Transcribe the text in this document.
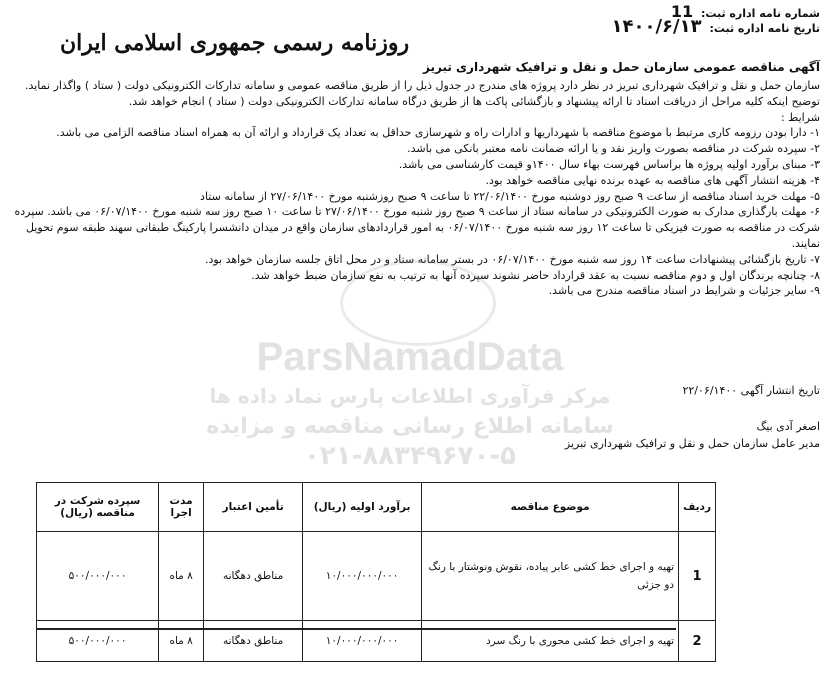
شماره نامه اداره ثبت: 11
تاریخ نامه اداره ثبت: ۱۴۰۰/۶/۱۳
روزنامه رسمی جمهوری اسلامی ایران
آگهی مناقصه عمومی سازمان حمل و نقل و ترافیک شهرداری تبریز

سازمان حمل و نقل و ترافیک شهرداری تبریز در نظر دارد پروژه های مندرج در جدول ذیل را از طریق مناقصه عمومی و سامانه تدارکات الکترونیکی دولت ( ستاد ) واگذار نماید. توضیح اینکه کلیه مراحل از دریافت اسناد تا ارائه پیشنهاد و بازگشائی پاکت ها از طریق درگاه سامانه تدارکات الکترونیکی دولت ( ستاد ) انجام خواهد شد.

شرایط :

۱- دارا بودن رزومه کاری مرتبط با موضوع مناقصه با شهرداریها و ادارات راه و شهرسازی حداقل به تعداد یک قرارداد و ارائه آن به همراه اسناد مناقصه الزامی می باشد.

۲- سپرده شرکت در مناقصه بصورت واریز نقد و یا ارائه ضمانت نامه معتبر بانکی می باشد.

۳- مبنای برآورد اولیه پروژه ها براساس فهرست بهاء سال ۱۴۰۰و قیمت کارشناسی می باشد.

۴- هزینه انتشار آگهی های مناقصه به عهده برنده نهایی مناقصه خواهد بود.

۵- مهلت خرید اسناد مناقصه از ساعت ۹ صبح روز دوشنبه مورخ ۲۲/۰۶/۱۴۰۰ تا ساعت ۹ صبح روزشنبه مورخ ۲۷/۰۶/۱۴۰۰ از سامانه ستاد

۶- مهلت بارگذاری مدارک به صورت الکترونیکی در سامانه ستاد از ساعت ۹ صبح روز شنبه مورخ ۲۷/۰۶/۱۴۰۰ تا ساعت ۱۰ صبح روز سه شنبه مورخ ۰۶/۰۷/۱۴۰۰ می باشد. سپرده شرکت در مناقصه به صورت فیزیکی تا ساعت ۱۲ روز سه شنبه مورخ ۰۶/۰۷/۱۴۰۰ به امور قراردادهای سازمان واقع در میدان دانشسرا پارکینگ طبقاتی سهند طبقه سوم تحویل نمایند.

۷- تاریخ بازگشائی پیشنهادات ساعت ۱۴ روز سه شنبه مورخ ۰۶/۰۷/۱۴۰۰ در بستر سامانه ستاد و در محل اتاق جلسه سازمان خواهد بود.

۸- چنانچه برندگان اول و دوم مناقصه نسبت به عقد قرارداد حاضر نشوند سپرده آنها به ترتیب به نفع سازمان ضبط خواهد شد.

۹- سایر جزئیات و شرایط در اسناد مناقصه مندرج می باشد.

ParsNamadData
مرکز فرآوری اطلاعات پارس نماد داده ها
سامانه اطلاع رسانی مناقصه و مزایده
۰۲۱-۸۸۳۴۹۶۷۰-۵
تاریخ انتشار آگهی ۲۲/۰۶/۱۴۰۰
اصغر آدی بیگ
مدیر عامل سازمان حمل و نقل و ترافیک شهرداری تبریز
ردیف	موضوع مناقصه	برآورد اولیه (ریال)	تأمین اعتبار	مدت اجرا	سپرده شرکت در مناقصه (ریال)
1	تهیه و اجرای خط کشی عابر پیاده، نقوش ونوشتار با رنگ دو جزئی	۱۰/۰۰۰/۰۰۰/۰۰۰	مناطق دهگانه	۸ ماه	۵۰۰/۰۰۰/۰۰۰
2	تهیه و اجرای خط کشی محوری با رنگ سرد	۱۰/۰۰۰/۰۰۰/۰۰۰	مناطق دهگانه	۸ ماه	۵۰۰/۰۰۰/۰۰۰
